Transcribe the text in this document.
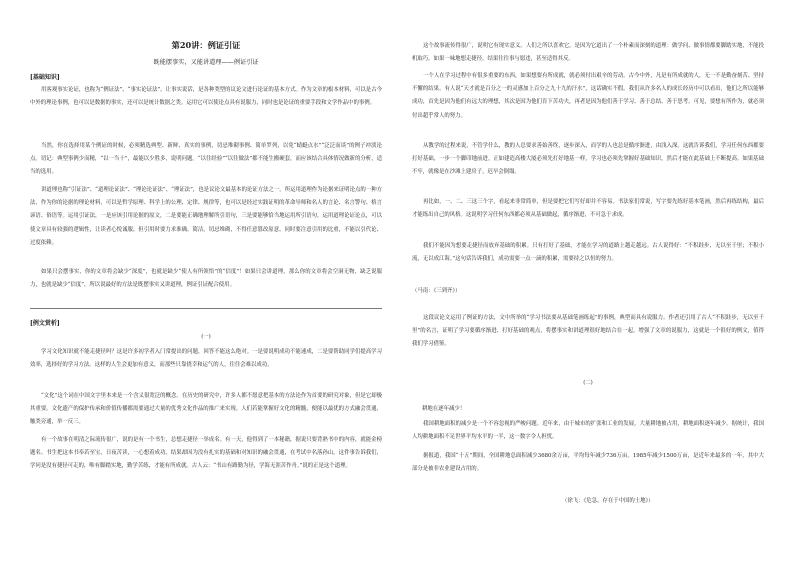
第20讲：例证引证
既能摆事实，又能讲道理——例证引证
[基础知识]

用客观事实论证，也称为“例证法”、“事实论证法”。让事实说话，是各种类型的议论文进行论证的基本方式。作为文章的根本材料，可以是古今中外的理论事例，也可以是数据的事实，还可以是统计数据之类。运用它可以使论点具有说服力，同时也是论证的重要手段和文学作品中的事例。

当然，你在选择用某个例证的时候，必须精选典型、新鲜、真实的事例，切忌堆砌事例、简单罗列，以免“蜻蜓点水”“泛泛而谈”的例子冲淡论点。切记：典型事例少而精，“以一当十”，最能以少胜多，说明问题。“以往经验”“以往做法”都不能生搬硬套，而应该结合具体情况做新的分析，适当的选用。

讲道理也称“引证法”、“道理论证法”、“理论论证法”、“理证法”，也是议论文最基本的论证方法之一。所运用道理作为论据来证明论点的一种方法，作为你的论据的理论材料，可以是哲学原理、科学上的公理、定律、规律等，也可以是经过实践证明的革命导师和名人的言论、名言警句、格言谚语、俗语等。运用引证法，一是应该引用论据的原文，二是要能正确地理解所引语句，三是要能够恰当地运用所引语句。运用道理论证论点，可以使文章具有较强的逻辑性，让读者心悦诚服。但引用时要力求准确、简洁，切忌堆砌，不得任意篡改原意。同时要注意引用的比重，不能以引代论、过度依赖。

如果只会摆事实，你的文章将会缺少“深度”，也就是缺少“使人有所领悟”的“信度”！如果只会讲道理，那么你的文章将会空洞无物，缺乏说服力，也就是缺少“信度”，所以说最好的方法是既摆事实又讲道理，例证引证配合使用。

[例文赏析]
(一)

学习文化知识就不能走捷径吗？这是许多初学者入门常提出的问题，回答不能这么绝对。一是要说明成功不能速成，二是要帮助同学们提高学习效率，选择好的学习方法。这样的人生会更加有意义，而那些只靠侥幸和运气的人，往往会难以成功。

“文化”这个词在中国文字里本来是一个含义很宽泛的概念。在历史的研究中，许多人都不愿意把基本的方法论作为首要的研究对象，但是它却极其重要。文化遗产的保护传承和价值传播都需要通过大量的优秀文化作品的推广来实现。人们若能掌握好文化的精髓，便能以最优的方式融会贯通，触类旁通，举一反三。

有一个故事在明清之际流传很广，说的是有一个书生，总想走捷径一举成名。有一天，他得到了一本秘籍，据说只要背熟书中的内容，就能金榜题名。书生把这本书奉若至宝，日夜苦读，一心想着成功。结果却因为没有扎实的基础和对知识的融会贯通，在考试中名落孙山。这件事告诉我们，学问是没有捷径可走的，唯有脚踏实地，勤学苦练，才能有所成就。古人云：“书山有路勤为径，学海无涯苦作舟。”说的正是这个道理。

这个故事流传得很广，说明它有现实意义。人们之所以喜欢它，是因为它道出了一个朴素而深刻的道理：做学问、做事情都要脚踏实地，不能投机取巧。如果一味地想走捷径，结果往往事与愿违，甚至适得其反。

一个人在学习过程中有很多重要的东西，如果想要有所成就，就必须付出艰辛的劳动。古今中外，凡是有所成就的人，无一不是勤奋刻苦、坚持不懈的结果。有人说“天才就是百分之一的灵感加上百分之九十九的汗水”，这话确实不假。我们从许多名人的成长经历中可以看出，他们之所以能够成功，首先是因为他们有远大的理想，其次是因为他们肯下苦功夫，再者是因为他们善于学习、善于总结、善于思考。可见，要想有所作为，就必须付出超乎常人的努力。

从教学的过程来说，不管学什么，教的人总要求善始善终，逐步深入，而学的人也总是循序渐进，由浅入深。这就告诉我们，学习任何东西都要打好基础，一步一个脚印地前进。正如建造高楼大厦必须先打好地基一样，学习也必须先掌握好基础知识，然后才能在此基础上不断提高。如果基础不牢，就像是在沙滩上建房子，迟早会倒塌。

再比如，一、二、三这三个字，看起来非常简单，但是要把它们写好却并不容易。书法家们常说，写字要先练好基本笔画，然后再练结构，最后才能练出自己的风格。这说明学习任何东西都必须从基础做起，循序渐进，不可急于求成。

我们不能因为想要走捷径而放弃基础的积累。只有打好了基础，才能在学习的道路上越走越远。古人说得好：“不积跬步，无以至千里；不积小流，无以成江海。”这句话告诉我们，成功需要一点一滴的积累，需要持之以恒的努力。

（马南：《三到齐》）

这段议论文运用了例证的方法，文中所举的“学习书法要从基础笔画练起”的事例，典型而具有说服力。作者还引用了古人“不积跬步，无以至千里”的名言，证明了学习要循序渐进、打好基础的观点，将摆事实和讲道理很好地结合在一起，增强了文章的说服力，这就是一个很好的例文，值得我们学习借鉴。

(二)
耕地在逐年减少！

我国耕地面积的减少是一个不容忽视的严峻问题。近年来，由于城市的扩张和工业的发展，大量耕地被占用，耕地面积逐年减少。据统计，我国人均耕地面积不足世界平均水平的一半，这一数字令人担忧。

据报道，我国“十五”期间，全国耕地总面积减少3680余万亩，平均每年减少736万亩。1985年减少1500万亩，是近年来最多的一年，其中大部分是被非农业建设占用的。

（徐飞：《危急，存在于中国的土地》）
